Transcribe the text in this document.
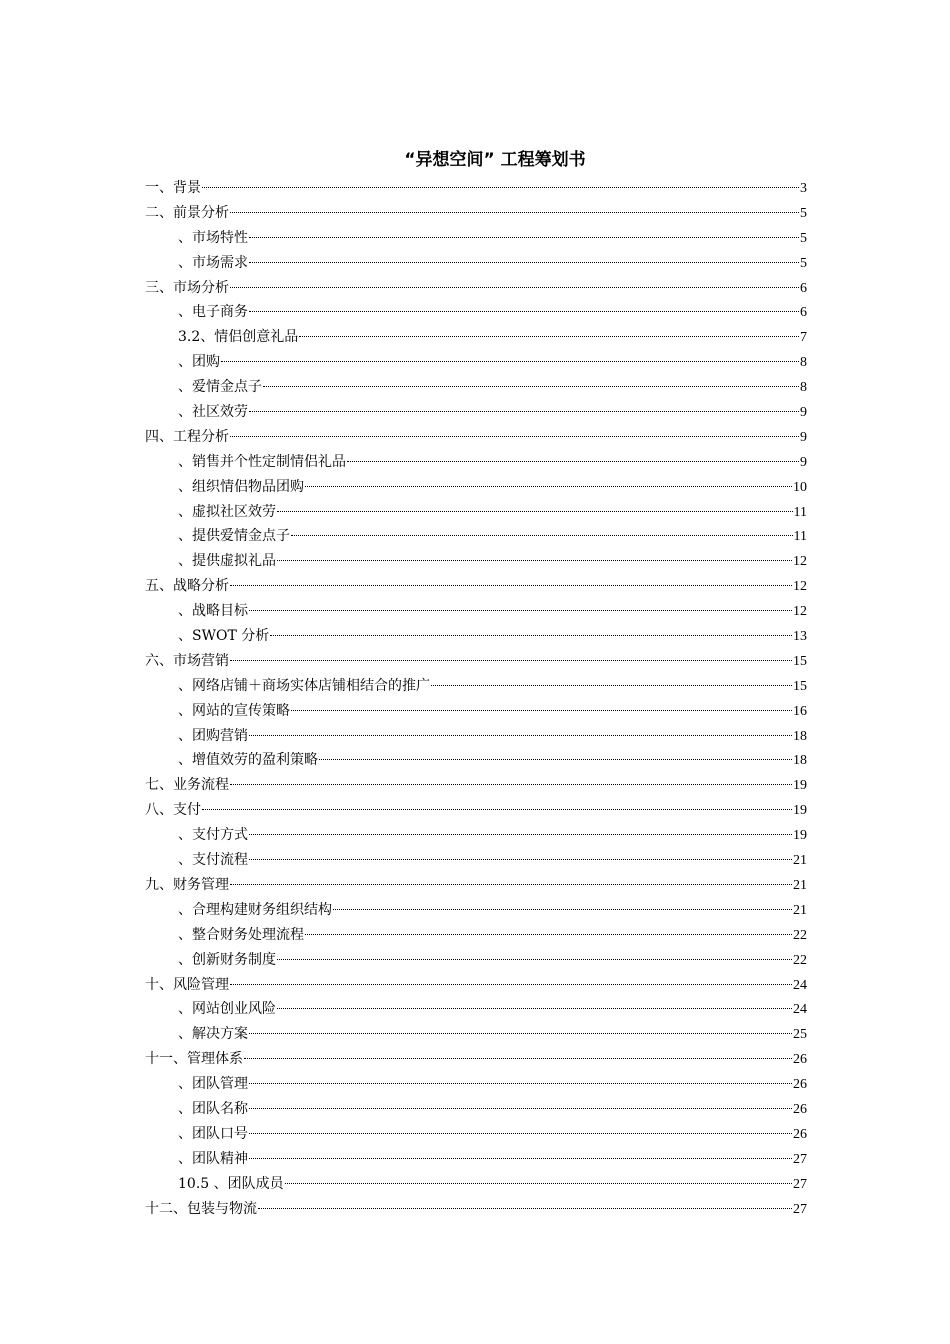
“异想空间” 工程筹划书
一、背景	3
二、前景分析	5
、市场特性	5
、市场需求	5
三、市场分析	6
、电子商务	6
3.2、情侣创意礼品	7
、团购	8
、爱情金点子	8
、社区效劳	9
四、工程分析	9
、销售并个性定制情侣礼品	9
、组织情侣物品团购	10
、虚拟社区效劳	11
、提供爱情金点子	11
、提供虚拟礼品	12
五、战略分析	12
、战略目标	12
、SWOT 分析	13
六、市场营销	15
、网络店铺＋商场实体店铺相结合的推广	15
、网站的宣传策略	16
、团购营销	18
、增值效劳的盈利策略	18
七、业务流程	19
八、支付	19
、支付方式	19
、支付流程	21
九、财务管理	21
、合理构建财务组织结构	21
、整合财务处理流程	22
、创新财务制度	22
十、风险管理	24
、网站创业风险	24
、解决方案	25
十一、管理体系	26
、团队管理	26
、团队名称	26
、团队口号	26
、团队精神	27
10.5 、团队成员	27
十二、包装与物流	27
